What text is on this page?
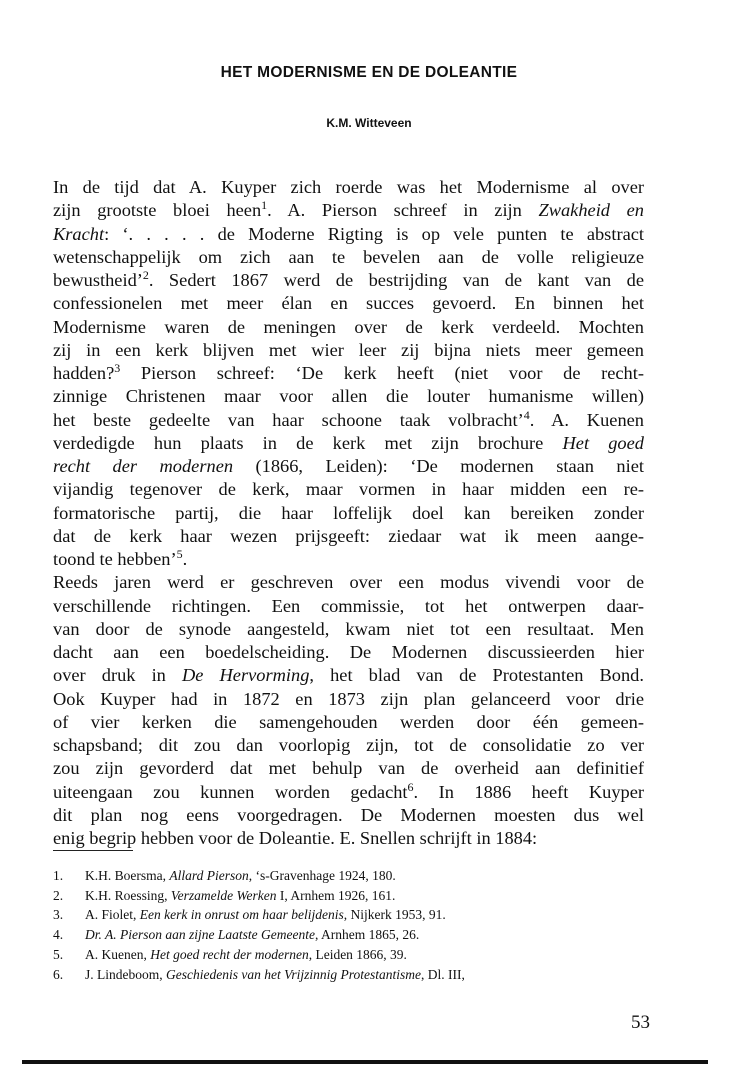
HET MODERNISME EN DE DOLEANTIE
K.M. Witteveen
In de tijd dat A. Kuyper zich roerde was het Modernisme al over
zijn grootste bloei heen$^1$. A. Pierson schreef in zijn Zwakheid en
Kracht: ‘. . . . . de Moderne Rigting is op vele punten te abstract
wetenschappelijk om zich aan te bevelen aan de volle religieuze
bewustheid’$^2$. Sedert 1867 werd de bestrijding van de kant van de
confessionelen met meer élan en succes gevoerd. En binnen het
Modernisme waren de meningen over de kerk verdeeld. Mochten
zij in een kerk blijven met wier leer zij bijna niets meer gemeen
hadden?$^3$ Pierson schreef: ‘De kerk heeft (niet voor de recht-
zinnige Christenen maar voor allen die louter humanisme willen)
het beste gedeelte van haar schoone taak volbracht’$^4$. A. Kuenen
verdedigde hun plaats in de kerk met zijn brochure Het goed
recht der modernen (1866, Leiden): ‘De modernen staan niet
vijandig tegenover de kerk, maar vormen in haar midden een re-
formatorische partij, die haar loffelijk doel kan bereiken zonder
dat de kerk haar wezen prijsgeeft: ziedaar wat ik meen aange-
toond te hebben’$^5$.
Reeds jaren werd er geschreven over een modus vivendi voor de
verschillende richtingen. Een commissie, tot het ontwerpen daar-
van door de synode aangesteld, kwam niet tot een resultaat. Men
dacht aan een boedelscheiding. De Modernen discussieerden hier
over druk in De Hervorming, het blad van de Protestanten Bond.
Ook Kuyper had in 1872 en 1873 zijn plan gelanceerd voor drie
of vier kerken die samengehouden werden door één gemeen-
schapsband; dit zou dan voorlopig zijn, tot de consolidatie zo ver
zou zijn gevorderd dat met behulp van de overheid aan definitief
uiteengaan zou kunnen worden gedacht$^6$. In 1886 heeft Kuyper
dit plan nog eens voorgedragen. De Modernen moesten dus wel
enig begrip hebben voor de Doleantie. E. Snellen schrijft in 1884:
1.	K.H. Boersma, Allard Pierson, ‘s-Gravenhage 1924, 180.
2.	K.H. Roessing, Verzamelde Werken I, Arnhem 1926, 161.
3.	A. Fiolet, Een kerk in onrust om haar belijdenis, Nijkerk 1953, 91.
4.	Dr. A. Pierson aan zijne Laatste Gemeente, Arnhem 1865, 26.
5.	A. Kuenen, Het goed recht der modernen, Leiden 1866, 39.
6.	J. Lindeboom, Geschiedenis van het Vrijzinnig Protestantisme, Dl. III,
53
